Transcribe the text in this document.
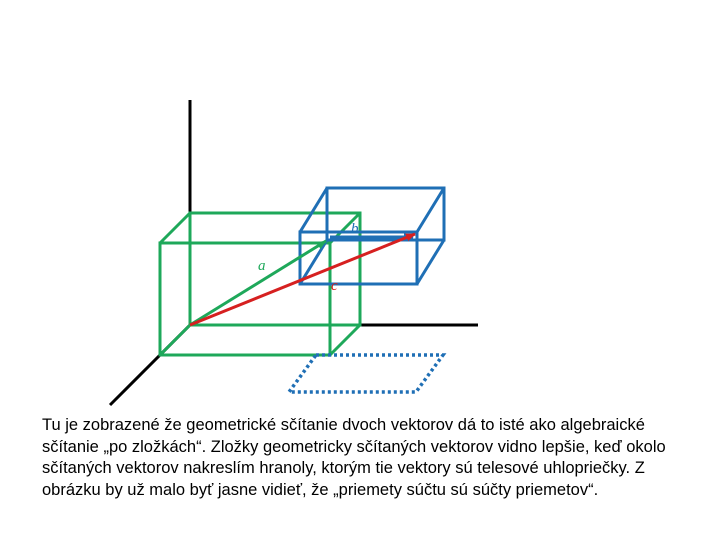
a
b
c
Tu je zobrazené že geometrické sčítanie dvoch vektorov dá to isté ako algebraické sčítanie „po zložkách“. Zložky geometricky sčítaných vektorov vidno lepšie, keď okolo sčítaných vektorov nakreslím hranoly, ktorým tie vektory sú telesové uhlopriečky. Z obrázku by už malo byť jasne vidieť, že „priemety súčtu sú súčty priemetov“.
